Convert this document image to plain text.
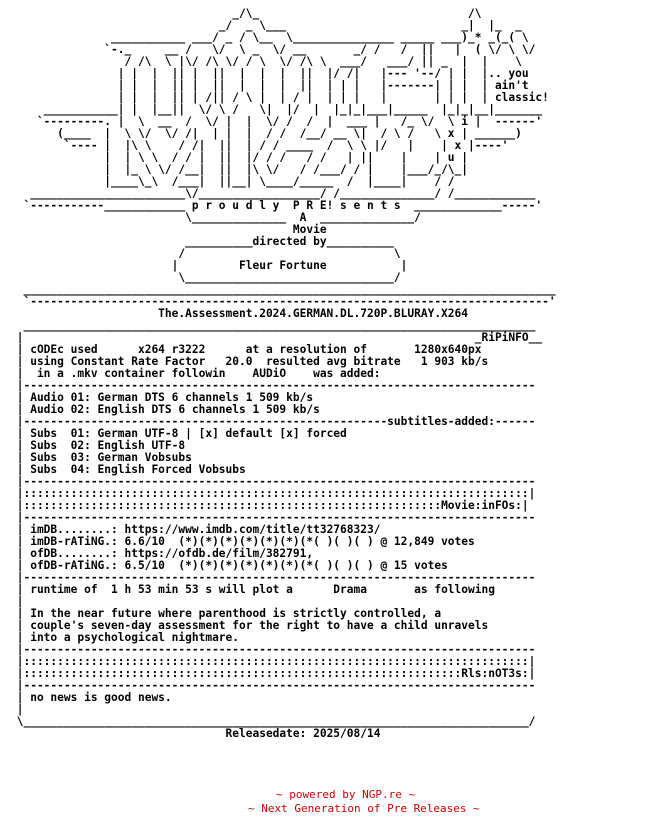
_/\_                               /\
_/  _ \___                          _|  |_  _
___________ ___/ _ / \__  \_______________ _____ ___)_* _(_( \
`-._     __ /   \/  \ _  \/ __       _/ /   /  ||   |  ( \/ \ \/
/ /\  \ |\/ /\ \/ / \  \/ /\ \  ___/   ___/ || _  |  |    \
| |  |  || |  ||  |  |  |  ||  |/ /|   |--- '--/ | |  |.. you
| |  |  || |  ||  |  |  |  ||  | | |   |-------| | |  | ain't
| |  |  || | /|| / \ |  | / |  | | |   |       | | |  | classic!
___________| |  |__||  \/ \ /   \|  |/  |  |_|_|___|_____  |_|_|__|_______
`---------. |  \  __  /  \/ |  |  \/ /  /  |  ___ |   /_ \/  \ i |  ------'
(____  |  \ \/  \/ /|  | |  |  / /  /__/ __ \|  / \ /   \ x | ______)
`---- |  |\ \    / /|  ||  | / / ____  /  \ \ |/   |    | x |----'
|  | \ \  / / |  ||  |/ / /   / /   | ||    |    | u |
|  |_ \ \/ /__|  ||  |\ \/   / /___/ / |    |___/_/\_|
|____\_\  /___|  ||__| \____/_____  /  |____|    / /
_______________________\/__________________/ /______________/ /____________
`-----------____________ p r o u d l y  P R E! s e n t s  _____________-----'
\______________  A  ______________/
Movie
__________directed by__________
/                               \
|         Fleur Fortune           |
\_______________________________/
_______________________________________________________________________________
`-----------------------------------------------------------------------------'
The.Assessment.2024.GERMAN.DL.720P.BLURAY.X264
____________________________________________________________________________
|                                                                   _RiPiNFO__
| cODEc used      x264 r3222      at a resolution of       1280x640px
| using Constant Rate Factor   20.0  resulted avg bitrate   1 903 kb/s
|  in a .mkv container followin    AUDiO    was added:
|----------------------------------------------------------------------------
| Audio 01: German DTS 6 channels 1 509 kb/s
| Audio 02: English DTS 6 channels 1 509 kb/s
|------------------------------------------------------subtitles-added:------
| Subs  01: German UTF-8 | [x] default [x] forced
| Subs  02: English UTF-8
| Subs  03: German Vobsubs
| Subs  04: English Forced Vobsubs
|----------------------------------------------------------------------------
|:::::::::::::::::::::::::::::::::::::::::::::::::::::::::::::::::::::::::::|
|::::::::::::::::::::::::::::::::::::::::::::::::::::::::::::::Movie:inFOs:|
|----------------------------------------------------------------------------
| imDB........: https://www.imdb.com/title/tt32768323/
| imDB-rATiNG.: 6.6/10  (*)(*)(*)(*)(*)(*)(*( )( )( ) @ 12,849 votes
| ofDB........: https://ofdb.de/film/382791,
| ofDB-rATiNG.: 6.5/10  (*)(*)(*)(*)(*)(*)(*( )( )( ) @ 15 votes
|----------------------------------------------------------------------------
| runtime of  1 h 53 min 53 s will plot a      Drama       as following
|
| In the near future where parenthood is strictly controlled, a
| couple's seven-day assessment for the right to have a child unravels
| into a psychological nightmare.
|----------------------------------------------------------------------------
|:::::::::::::::::::::::::::::::::::::::::::::::::::::::::::::::::::::::::::|
|:::::::::::::::::::::::::::::::::::::::::::::::::::::::::::::::::Rls:nOT3s:|
|----------------------------------------------------------------------------
| no news is good news.
|
\___________________________________________________________________________/
Releasedate: 2025/08/14

~ powered by NGP.re ~

~ Next Generation of Pre Releases ~
